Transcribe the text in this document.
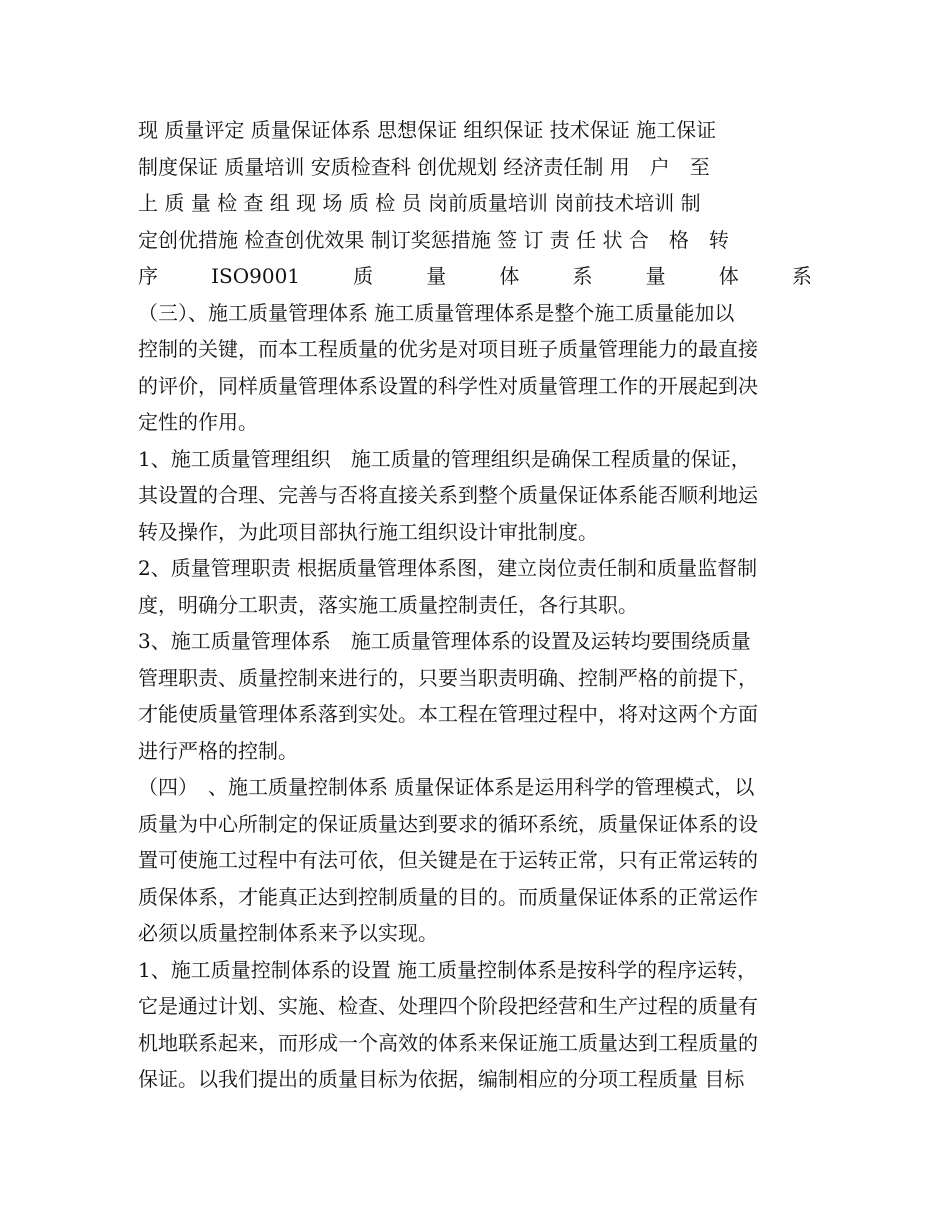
现 质量评定 质量保证体系 思想保证 组织保证 技术保证 施工保证
制度保证 质量培训 安质检查科 创优规划 经济责任制 用　户　至
上 质 量 检 查 组 现 场 质 检 员 岗前质量培训 岗前技术培训 制
定创优措施 检查创优效果 制订奖惩措施 签 订 责 任 状 合　格　转
序	ISO9001	质	量	体	系	量	体	系
（三）、施工质量管理体系 施工质量管理体系是整个施工质量能加以
控制的关键，而本工程质量的优劣是对项目班子质量管理能力的最直接
的评价，同样质量管理体系设置的科学性对质量管理工作的开展起到决
定性的作用。
1、施工质量管理组织　施工质量的管理组织是确保工程质量的保证，
其设置的合理、完善与否将直接关系到整个质量保证体系能否顺利地运
转及操作，为此项目部执行施工组织设计审批制度。
2、质量管理职责 根据质量管理体系图，建立岗位责任制和质量监督制
度，明确分工职责，落实施工质量控制责任，各行其职。
3、施工质量管理体系　施工质量管理体系的设置及运转均要围绕质量
管理职责、质量控制来进行的，只要当职责明确、控制严格的前提下，
才能使质量管理体系落到实处。本工程在管理过程中，将对这两个方面
进行严格的控制。
（四）　、施工质量控制体系 质量保证体系是运用科学的管理模式，以
质量为中心所制定的保证质量达到要求的循环系统，质量保证体系的设
置可使施工过程中有法可依，但关键是在于运转正常，只有正常运转的
质保体系，才能真正达到控制质量的目的。而质量保证体系的正常运作
必须以质量控制体系来予以实现。
1、施工质量控制体系的设置 施工质量控制体系是按科学的程序运转，
它是通过计划、实施、检查、处理四个阶段把经营和生产过程的质量有
机地联系起来，而形成一个高效的体系来保证施工质量达到工程质量的
保证。以我们提出的质量目标为依据，编制相应的分项工程质量 目标
